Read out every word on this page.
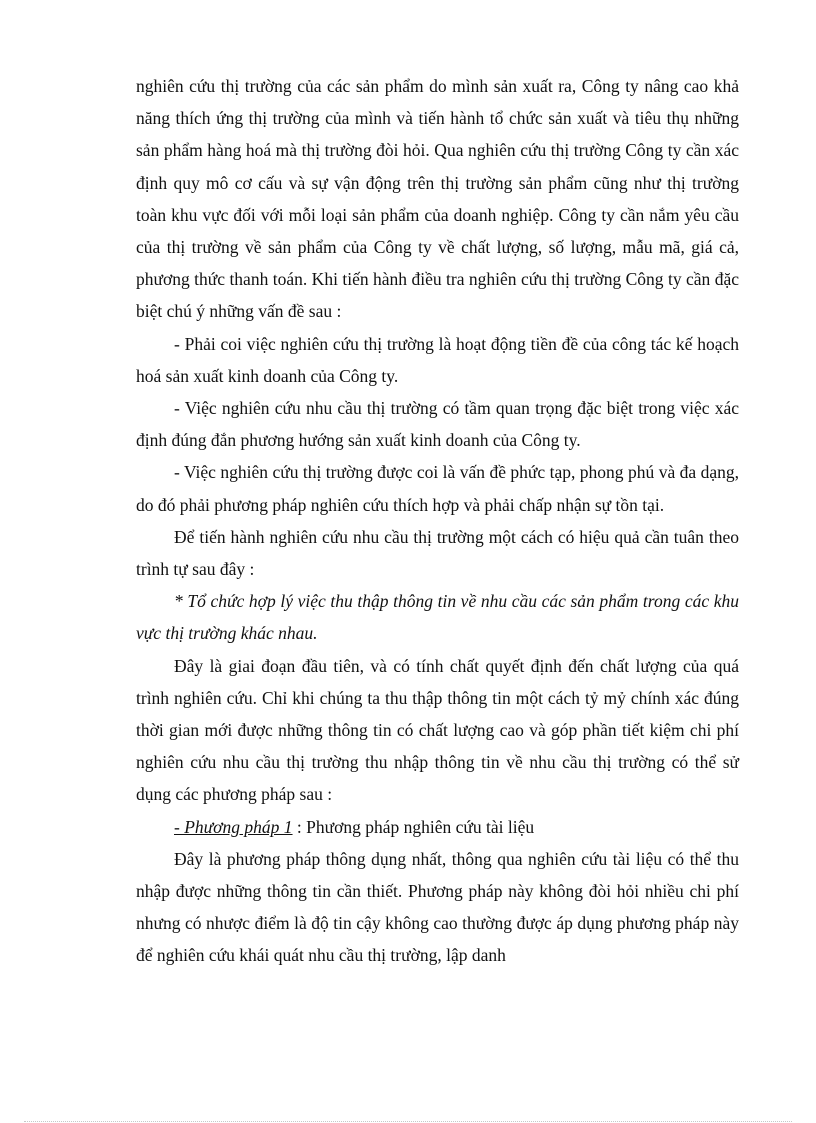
nghiên cứu thị trường của các sản phẩm do mình sản xuất ra, Công ty nâng cao khả năng thích ứng thị trường của mình và tiến hành tổ chức sản xuất và tiêu thụ những sản phẩm hàng hoá mà thị trường đòi hỏi. Qua nghiên cứu thị trường Công ty cần xác định quy mô cơ cấu và sự vận động trên thị trường sản phẩm cũng như thị trường toàn khu vực đối với mỗi loại sản phẩm của doanh nghiệp. Công ty cần nắm yêu cầu của thị trường về sản phẩm của Công ty về chất lượng, số lượng, mẫu mã, giá cả, phương thức thanh toán. Khi tiến hành điều tra nghiên cứu thị trường Công ty cần đặc biệt chú ý những vấn đề sau :

- Phải coi việc nghiên cứu thị trường là hoạt động tiền đề của công tác kế hoạch hoá sản xuất kinh doanh của Công ty.

- Việc nghiên cứu nhu cầu thị trường có tầm quan trọng đặc biệt trong việc xác định đúng đắn phương hướng sản xuất kinh doanh của Công ty.

- Việc nghiên cứu thị trường được coi là vấn đề phức tạp, phong phú và đa dạng, do đó phải phương pháp nghiên cứu thích hợp và phải chấp nhận sự tồn tại.

Để tiến hành nghiên cứu nhu cầu thị trường một cách có hiệu quả cần tuân theo trình tự sau đây :

* Tổ chức hợp lý việc thu thập thông tin về nhu cầu các sản phẩm trong các khu vực thị trường khác nhau.

Đây là giai đoạn đầu tiên, và có tính chất quyết định đến chất lượng của quá trình nghiên cứu. Chỉ khi chúng ta thu thập thông tin một cách tỷ mỷ chính xác đúng thời gian mới được những thông tin có chất lượng cao và góp phần tiết kiệm chi phí nghiên cứu nhu cầu thị trường thu nhập thông tin về nhu cầu thị trường có thể sử dụng các phương pháp sau :

- Phương pháp 1 : Phương pháp nghiên cứu tài liệu

Đây là phương pháp thông dụng nhất, thông qua nghiên cứu tài liệu có thể thu nhập được những thông tin cần thiết. Phương pháp này không đòi hỏi nhiều chi phí nhưng có nhược điểm là độ tin cậy không cao thường được áp dụng phương pháp này để nghiên cứu khái quát nhu cầu thị trường, lập danh
